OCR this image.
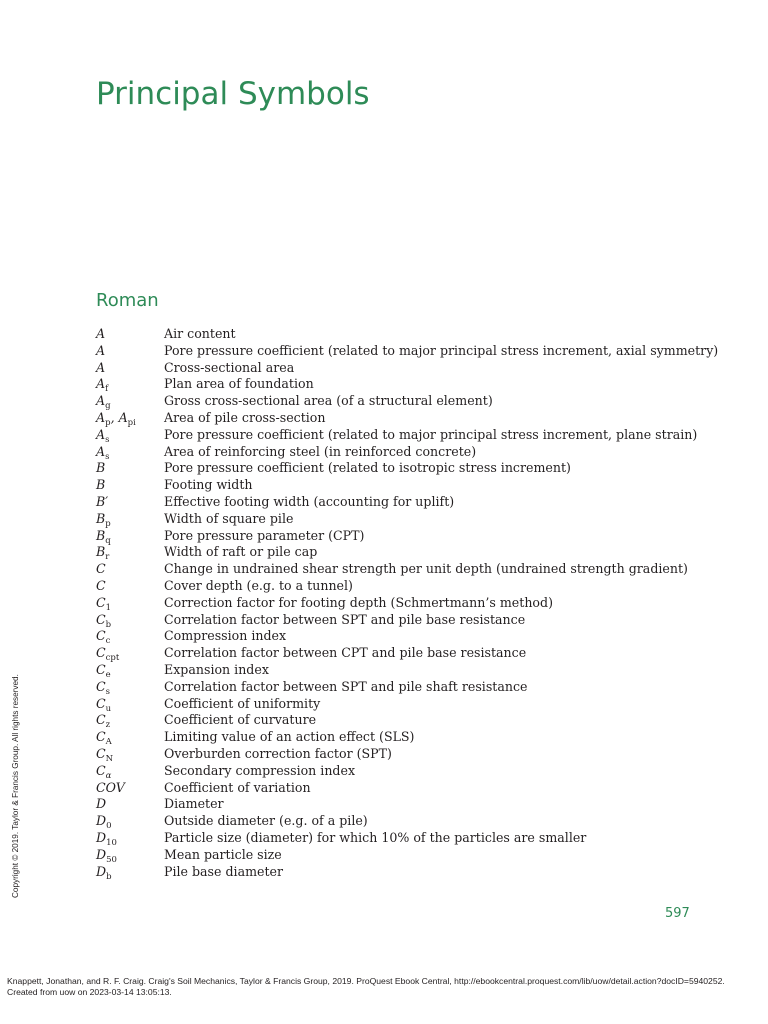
Principal Symbols
Roman
A	Air content
A	Pore pressure coefficient (related to major principal stress increment, axial symmetry)
A	Cross-sectional area
$A_f$	Plan area of foundation
$A_g$	Gross cross-sectional area (of a structural element)
$A_p$, $A_{pi}$ Area of pile cross-section
$A_s$	Pore pressure coefficient (related to major principal stress increment, plane strain)
$A_s$	Area of reinforcing steel (in reinforced concrete)
B	Pore pressure coefficient (related to isotropic stress increment)
B	Footing width
B′	Effective footing width (accounting for uplift)
$B_p$	Width of square pile
$B_q$	Pore pressure parameter (CPT)
$B_r$	Width of raft or pile cap
C	Change in undrained shear strength per unit depth (undrained strength gradient)
C	Cover depth (e.g. to a tunnel)
$C_1$	Correction factor for footing depth (Schmertmann’s method)
$C_b$	Correlation factor between SPT and pile base resistance
$C_c$	Compression index
$C_{cpt}$	Correlation factor between CPT and pile base resistance
$C_e$	Expansion index
$C_s$	Correlation factor between SPT and pile shaft resistance
$C_u$	Coefficient of uniformity
$C_z$	Coefficient of curvature
$C_A$	Limiting value of an action effect (SLS)
$C_N$	Overburden correction factor (SPT)
$C_\alpha$	Secondary compression index
COV	Coefficient of variation
D	Diameter
$D_0$	Outside diameter (e.g. of a pile)
$D_{10}$	Particle size (diameter) for which 10% of the particles are smaller
$D_{50}$	Mean particle size
$D_b$	Pile base diameter
597
Copyright © 2019. Taylor & Francis Group. All rights reserved.
Knappett, Jonathan, and R. F. Craig. Craig's Soil Mechanics, Taylor & Francis Group, 2019. ProQuest Ebook Central, http://ebookcentral.proquest.com/lib/uow/detail.action?docID=5940252.
Created from uow on 2023-03-14 13:05:13.
